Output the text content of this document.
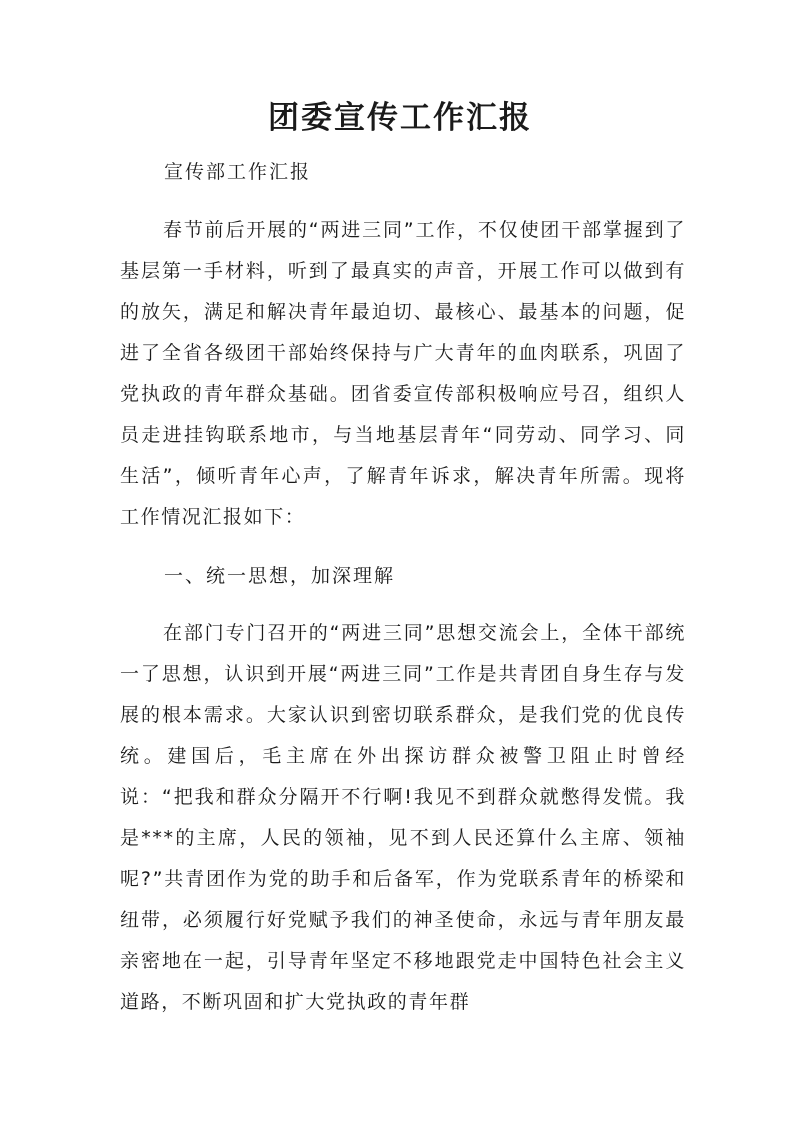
团委宣传工作汇报

宣传部工作汇报

春节前后开展的“两进三同”工作，不仅使团干部掌握到了基层第一手材料，听到了最真实的声音，开展工作可以做到有的放矢，满足和解决青年最迫切、最核心、最基本的问题，促进了全省各级团干部始终保持与广大青年的血肉联系，巩固了党执政的青年群众基础。团省委宣传部积极响应号召，组织人员走进挂钩联系地市，与当地基层青年“同劳动、同学习、同生活”，倾听青年心声，了解青年诉求，解决青年所需。现将工作情况汇报如下：

一、统一思想，加深理解

在部门专门召开的“两进三同”思想交流会上，全体干部统一了思想，认识到开展“两进三同”工作是共青团自身生存与发展的根本需求。大家认识到密切联系群众，是我们党的优良传统。建国后，毛主席在外出探访群众被警卫阻止时曾经说：“把我和群众分隔开不行啊!我见不到群众就憋得发慌。我是***的主席，人民的领袖，见不到人民还算什么主席、领袖呢?”共青团作为党的助手和后备军，作为党联系青年的桥梁和纽带，必须履行好党赋予我们的神圣使命，永远与青年朋友最亲密地在一起，引导青年坚定不移地跟党走中国特色社会主义道路，不断巩固和扩大党执政的青年群
